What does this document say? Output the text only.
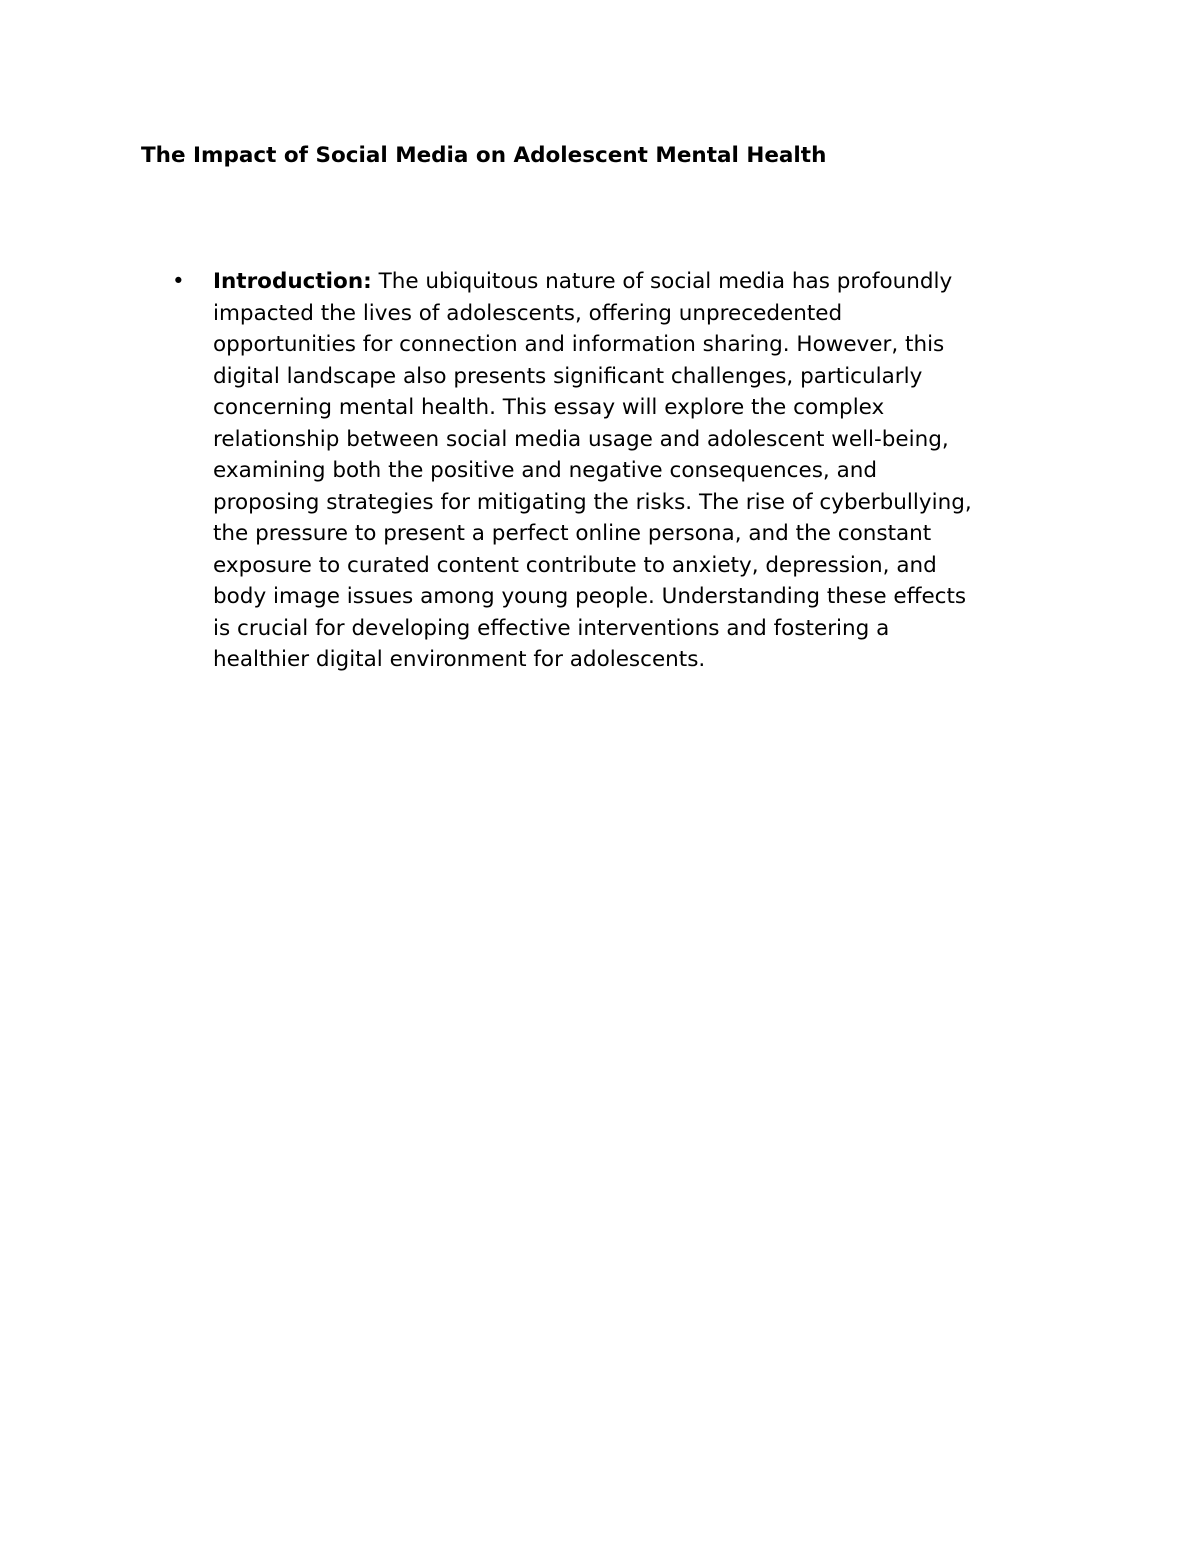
The Impact of Social Media on Adolescent Mental Health
• Introduction: The ubiquitous nature of social media has profoundly
impacted the lives of adolescents, offering unprecedented
opportunities for connection and information sharing. However, this
digital landscape also presents significant challenges, particularly
concerning mental health. This essay will explore the complex
relationship between social media usage and adolescent well-being,
examining both the positive and negative consequences, and
proposing strategies for mitigating the risks. The rise of cyberbullying,
the pressure to present a perfect online persona, and the constant
exposure to curated content contribute to anxiety, depression, and
body image issues among young people. Understanding these effects
is crucial for developing effective interventions and fostering a
healthier digital environment for adolescents.
